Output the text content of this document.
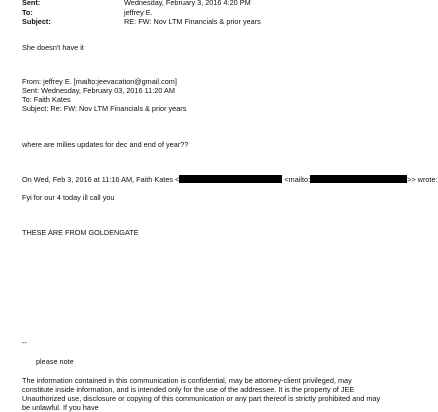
Sent:	Wednesday, February 3, 2016 4:20 PM
To:	jeffrey E.
Subject:	RE: FW: Nov LTM Financials & prior years
She doesn't have it
From: jeffrey E. [mailto:jeevacation@gmail.com]
Sent: Wednesday, February 03, 2016 11:20 AM
To: Faith Kates
Subject: Re: FW: Nov LTM Financials & prior years
where are milies updates for dec and end of year??
On Wed, Feb 3, 2016 at 11:16 AM, Faith Kates <	<mailto:	>> wrote:
Fyi for our 4 today ill call you
THESE ARE FROM GOLDENGATE
--
please note
The information contained in this communication is confidential, may be attorney-client privileged, may constitute inside information, and is intended only for the use of the addressee. It is the property of JEE Unauthorized use, disclosure or copying of this communication or any part thereof is strictly prohibited and may be unlawful. If you have
